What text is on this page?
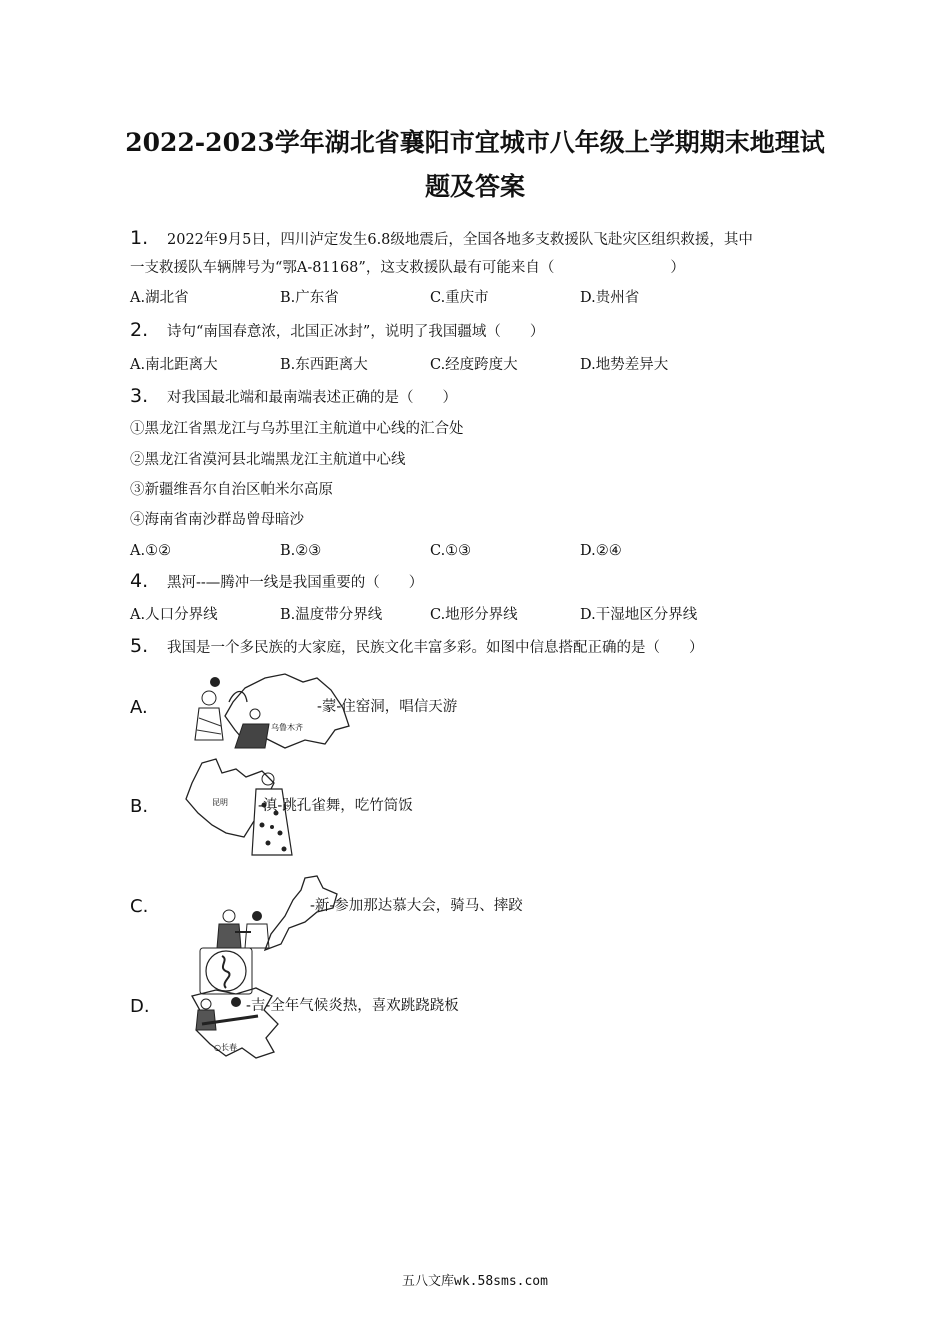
2022-2023学年湖北省襄阳市宜城市八年级上学期期末地理试
题及答案
1. 2022年9月5日，四川泸定发生6.8级地震后，全国各地多支救援队飞赴灾区组织救援，其中
一支救援队车辆牌号为“鄂A-81168”，这支救援队最有可能来自（　　　　　　　　）
A.湖北省	B.广东省	C.重庆市	D.贵州省
2. 诗句“南国春意浓，北国正冰封”，说明了我国疆域（　　）
A.南北距离大	B.东西距离大	C.经度跨度大	D.地势差异大
3. 对我国最北端和最南端表述正确的是（　　）
①黑龙江省黑龙江与乌苏里江主航道中心线的汇合处
②黑龙江省漠河县北端黑龙江主航道中心线
③新疆维吾尔自治区帕米尔高原
④海南省南沙群岛曾母暗沙
A.①②	B.②③	C.①③	D.②④
4. 黑河--—腾冲一线是我国重要的（　　）
A.人口分界线	B.温度带分界线	C.地形分界线	D.干湿地区分界线
5. 我国是一个多民族的大家庭，民族文化丰富多彩。如图中信息搭配正确的是（　　）
A.
乌鲁木齐
-蒙-住窑洞，唱信天游
B.	昆明 -滇-跳孔雀舞，吃竹筒饭
C.	-新-参加那达慕大会，骑马、摔跤
D.
○长春
-吉-全年气候炎热，喜欢跳跷跷板
五八文库wk.58sms.com
